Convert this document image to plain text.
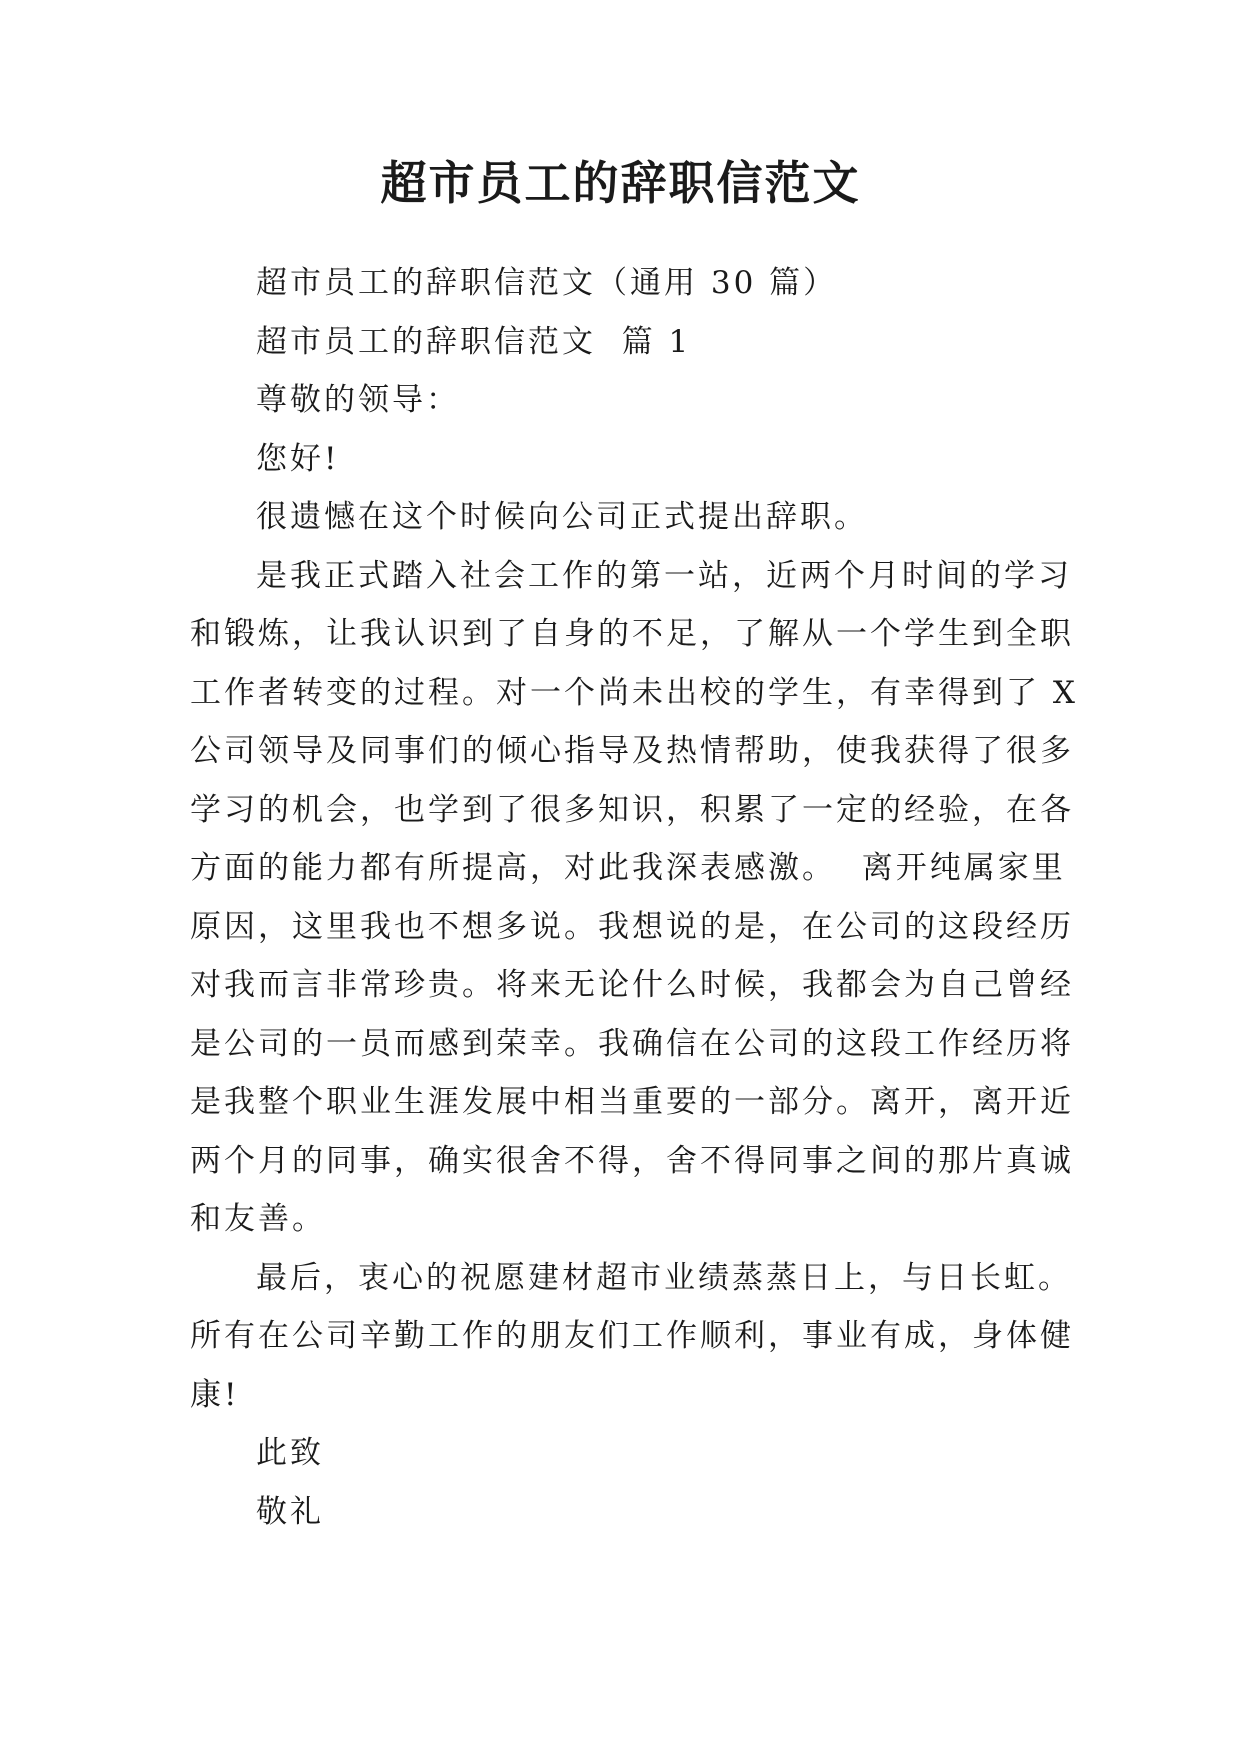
超市员工的辞职信范文

超市员工的辞职信范文（通用 30 篇）

超市员工的辞职信范文  篇 1

尊敬的领导：

您好!

很遗憾在这个时候向公司正式提出辞职。

是我正式踏入社会工作的第一站，近两个月时间的学习
和锻炼，让我认识到了自身的不足，了解从一个学生到全职
工作者转变的过程。对一个尚未出校的学生，有幸得到了 X
公司领导及同事们的倾心指导及热情帮助，使我获得了很多
学习的机会，也学到了很多知识，积累了一定的经验，在各
方面的能力都有所提高，对此我深表感激。  离开纯属家里
原因，这里我也不想多说。我想说的是，在公司的这段经历
对我而言非常珍贵。将来无论什么时候，我都会为自己曾经
是公司的一员而感到荣幸。我确信在公司的这段工作经历将
是我整个职业生涯发展中相当重要的一部分。离开，离开近
两个月的同事，确实很舍不得，舍不得同事之间的那片真诚
和友善。
最后，衷心的祝愿建材超市业绩蒸蒸日上，与日长虹。
所有在公司辛勤工作的朋友们工作顺利，事业有成，身体健
康!

此致

敬礼
